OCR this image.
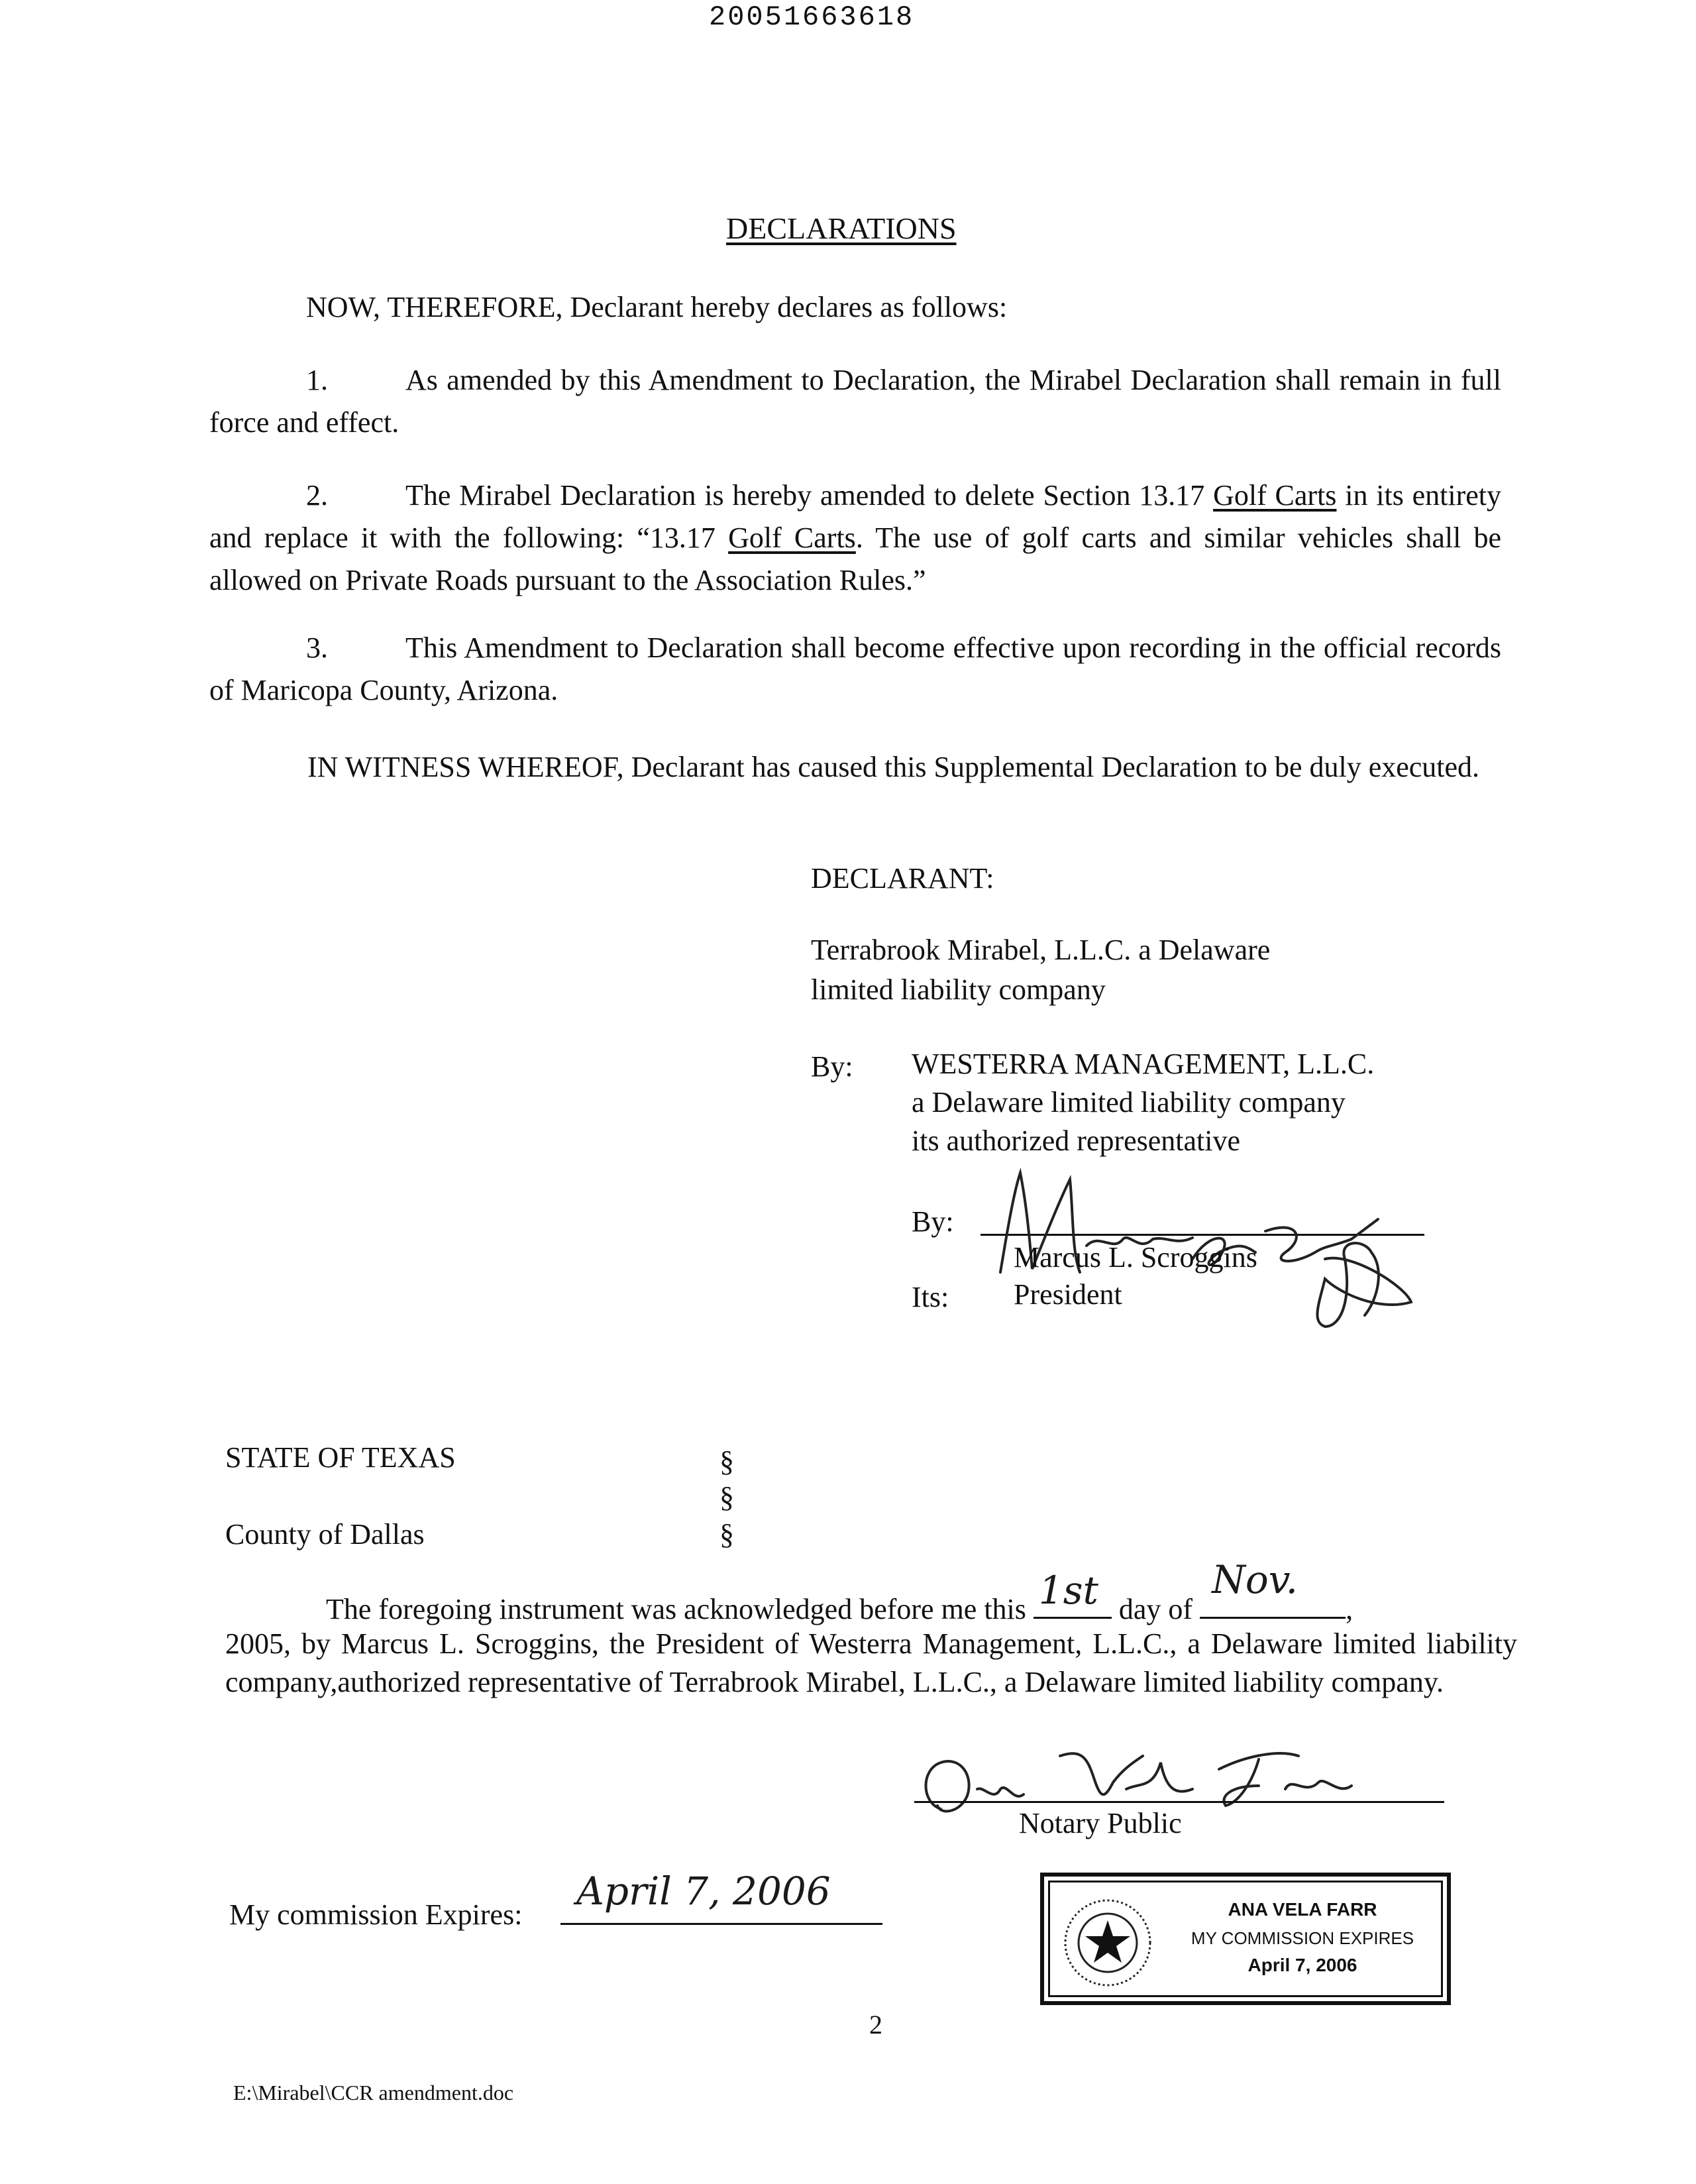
20051663618
DECLARATIONS
NOW, THEREFORE, Declarant hereby declares as follows:
1.	As amended by this Amendment to Declaration, the Mirabel Declaration shall remain in full force and effect.
2.	The Mirabel Declaration is hereby amended to delete Section 13.17 Golf Carts in its entirety and replace it with the following: “13.17 Golf Carts. The use of golf carts and similar vehicles shall be allowed on Private Roads pursuant to the Association Rules.”
3.	This Amendment to Declaration shall become effective upon recording in the official records of Maricopa County, Arizona.
IN WITNESS WHEREOF, Declarant has caused this Supplemental Declaration to be duly executed.
DECLARANT:
Terrabrook Mirabel, L.L.C. a Delaware
limited liability company
By: WESTERRA MANAGEMENT, L.L.C.
a Delaware limited liability company
its authorized representative
By:
Marcus L. Scroggins
Its: President
STATE OF TEXAS
County of Dallas
§
§
§
The foregoing instrument was acknowledged before me this 1st day of
Nov.
,
2005, by Marcus L. Scroggins, the President of Westerra Management, L.L.C., a Delaware limited liability company,authorized representative of Terrabrook Mirabel, L.L.C., a Delaware limited liability company.
Notary Public
My commission Expires:
April 7, 2006	ANA VELA FARR
MY COMMISSION EXPIRES
April 7, 2006
2
E:\Mirabel\CCR amendment.doc
